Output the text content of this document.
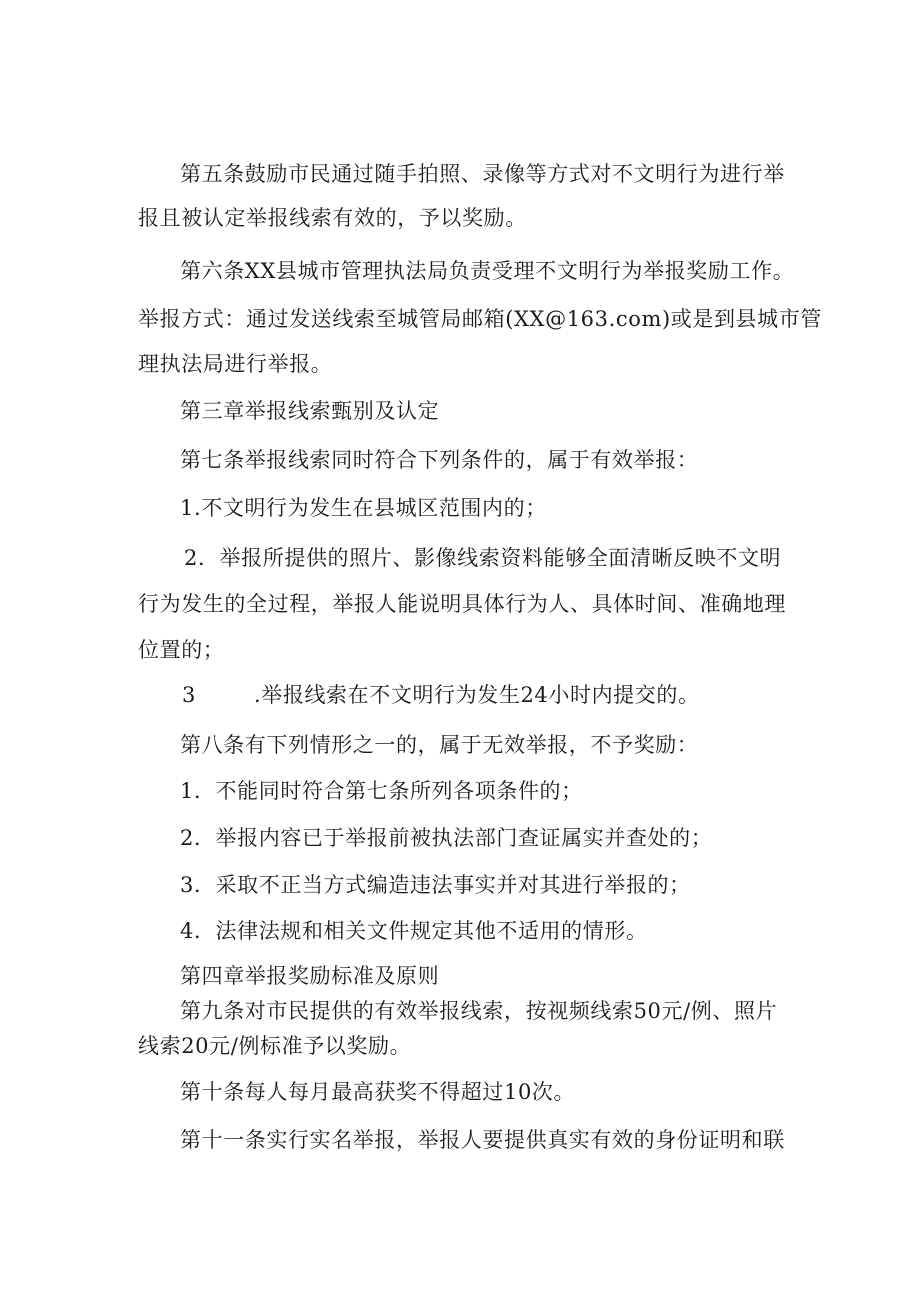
第五条鼓励市民通过随手拍照、录像等方式对不文明行为进行举
报且被认定举报线索有效的，予以奖励。
第六条XX县城市管理执法局负责受理不文明行为举报奖励工作。
举报方式：通过发送线索至城管局邮箱(XX@163.com)或是到县城市管
理执法局进行举报。
第三章举报线索甄别及认定
第七条举报线索同时符合下列条件的，属于有效举报：
1.不文明行为发生在县城区范围内的；
2．举报所提供的照片、影像线索资料能够全面清晰反映不文明
行为发生的全过程，举报人能说明具体行为人、具体时间、准确地理
位置的；
3	.举报线索在不文明行为发生24小时内提交的。
第八条有下列情形之一的，属于无效举报，不予奖励：
1．不能同时符合第七条所列各项条件的；
2．举报内容已于举报前被执法部门查证属实并查处的；
3．采取不正当方式编造违法事实并对其进行举报的；
4．法律法规和相关文件规定其他不适用的情形。
第四章举报奖励标准及原则
第九条对市民提供的有效举报线索，按视频线索50元/例、照片
线索20元/例标准予以奖励。
第十条每人每月最高获奖不得超过10次。
第十一条实行实名举报，举报人要提供真实有效的身份证明和联
